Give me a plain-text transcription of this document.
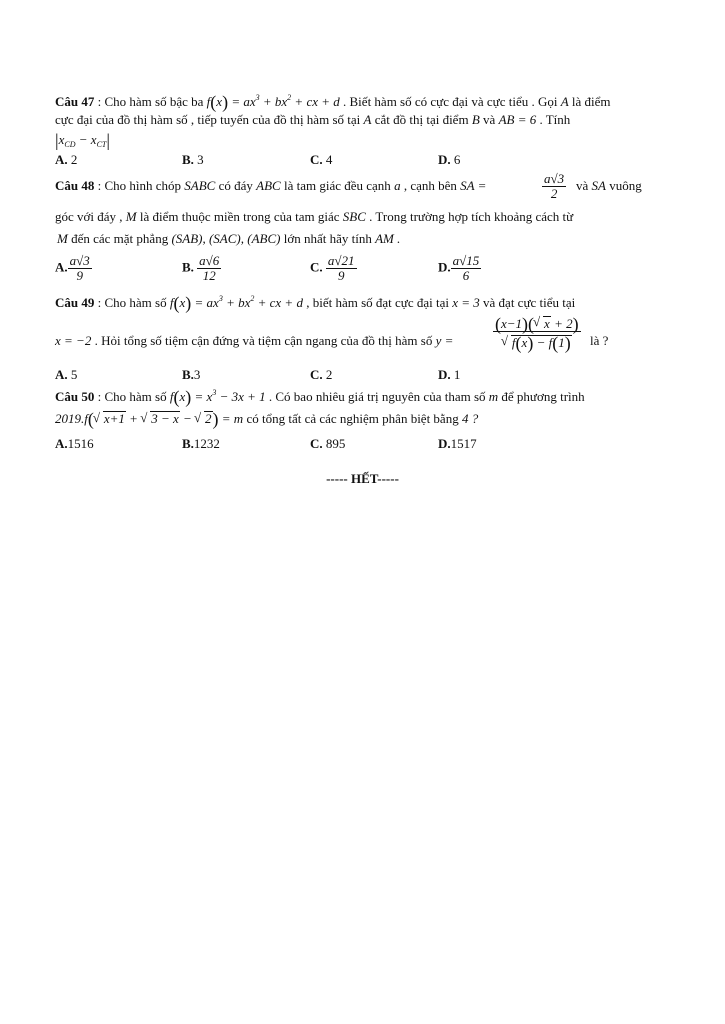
Câu 47 : Cho hàm số bậc ba $f(x) = ax^3 + bx^2$ + cx + d . Biết hàm số có cực đại và cực tiểu . Gọi A là điểm
cực đại của đồ thị hàm số , tiếp tuyến của đồ thị hàm số tại A cắt đồ thị tại điểm B và AB = 6 . Tính
$|x_{CD} - x_{CT}|$
A. 2	B. 3	C. 4	D. 6
Câu 48 : Cho hình chóp SABC có đáy ABC là tam giác đều cạnh a , cạnh bên SA =	$\frac{a√3}{2}$ và SA vuông
góc với đáy , M là điểm thuộc miền trong của tam giác SBC . Trong trường hợp tích khoảng cách từ
M đến các mặt phẳng (SAB), (SAC), (ABC) lớn nhất hãy tính AM .
A. $\frac{a√3}{9}$	B. $\frac{a√6}{12}$	C. $\frac{a√21}{9}$	D. $\frac{a√15}{6}$
Câu 49 : Cho hàm số $f(x) = ax^3 + bx^2$ + cx + d , biết hàm số đạt cực đại tại x = 3 và đạt cực tiểu tại
x = −2 . Hỏi tổng số tiệm cận đứng và tiệm cận ngang của đồ thị hàm số y = (x−1)( √ x + 2)
√ f(x) − f(1) là ?
A. 5	B.3	C. 2	D. 1
Câu 50 : Cho hàm số $f(x) = x^3 - 3x + 1$ . Có bao nhiêu giá trị nguyên của tham số m để phương trình
2019.f( √ x+1 + √ 3 − x − √ 2) = m có tổng tất cả các nghiệm phân biệt bằng 4 ?
A.1516	B.1232	C. 895	D.1517
----- HẾT-----
